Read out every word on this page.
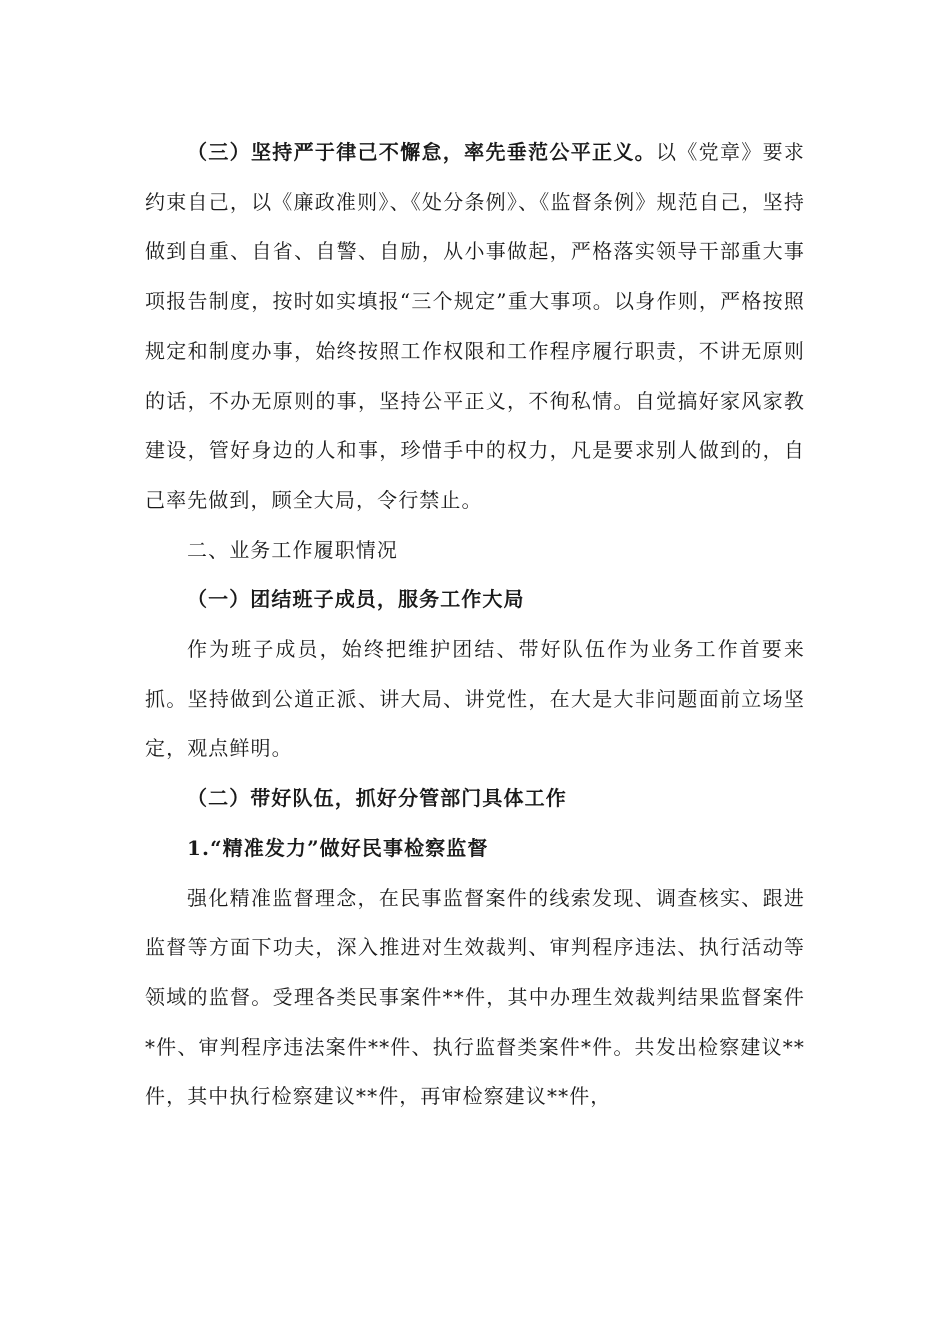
（三）坚持严于律己不懈怠，率先垂范公平正义。以《党章》要求约束自己，以《廉政准则》、《处分条例》、《监督条例》规范自己，坚持做到自重、自省、自警、自励，从小事做起，严格落实领导干部重大事项报告制度，按时如实填报“三个规定”重大事项。以身作则，严格按照规定和制度办事，始终按照工作权限和工作程序履行职责，不讲无原则的话，不办无原则的事，坚持公平正义，不徇私情。自觉搞好家风家教建设，管好身边的人和事，珍惜手中的权力，凡是要求别人做到的，自己率先做到，顾全大局，令行禁止。

二、业务工作履职情况

（一）团结班子成员，服务工作大局

作为班子成员，始终把维护团结、带好队伍作为业务工作首要来抓。坚持做到公道正派、讲大局、讲党性，在大是大非问题面前立场坚定，观点鲜明。

（二）带好队伍，抓好分管部门具体工作

1.“精准发力”做好民事检察监督

强化精准监督理念，在民事监督案件的线索发现、调查核实、跟进监督等方面下功夫，深入推进对生效裁判、审判程序违法、执行活动等领域的监督。受理各类民事案件**件，其中办理生效裁判结果监督案件*件、审判程序违法案件**件、执行监督类案件*件。共发出检察建议**件，其中执行检察建议**件，再审检察建议**件，
